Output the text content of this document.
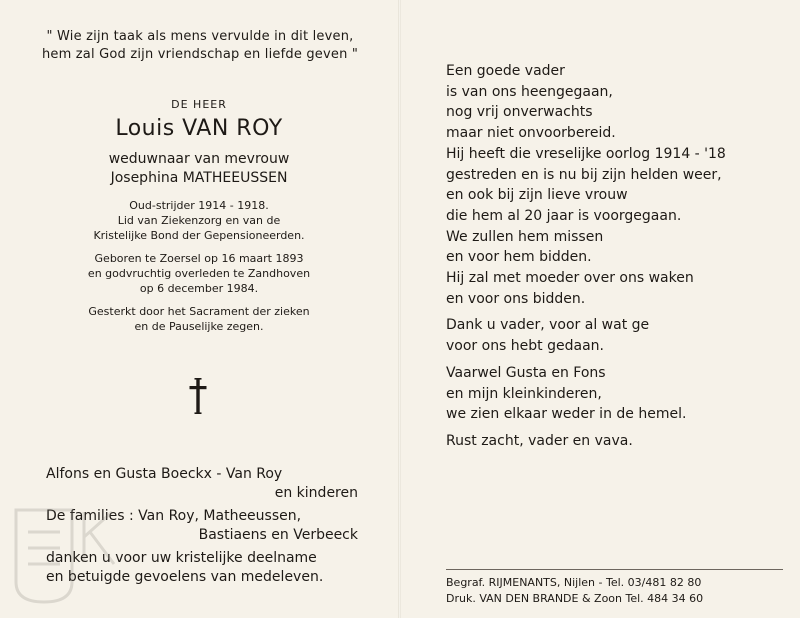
" Wie zijn taak als mens vervulde in dit leven,
hem zal God zijn vriendschap en liefde geven "
DE HEER
Louis VAN ROY
weduwnaar van mevrouw
Josephina MATHEEUSSEN
Oud-strijder 1914 - 1918.
Lid van Ziekenzorg en van de
Kristelijke Bond der Gepensioneerden.
Geboren te Zoersel op 16 maart 1893
en godvruchtig overleden te Zandhoven
op 6 december 1984.
Gesterkt door het Sacrament der zieken
en de Pauselijke zegen.
Alfons en Gusta Boeckx - Van Roy
en kinderen
De families : Van Roy, Matheeussen,
Bastiaens en Verbeeck
danken u voor uw kristelijke deelname
en betuigde gevoelens van medeleven.
Een goede vader
is van ons heengegaan,
nog vrij onverwachts
maar niet onvoorbereid.
Hij heeft die vreselijke oorlog 1914 - '18
gestreden en is nu bij zijn helden weer,
en ook bij zijn lieve vrouw
die hem al 20 jaar is voorgegaan.
We zullen hem missen
en voor hem bidden.
Hij zal met moeder over ons waken
en voor ons bidden.
Dank u vader, voor al wat ge
voor ons hebt gedaan.
Vaarwel Gusta en Fons
en mijn kleinkinderen,
we zien elkaar weder in de hemel.
Rust zacht, vader en vava.
Begraf. RIJMENANTS, Nijlen - Tel. 03/481 82 80
Druk. VAN DEN BRANDE & Zoon Tel. 484 34 60
